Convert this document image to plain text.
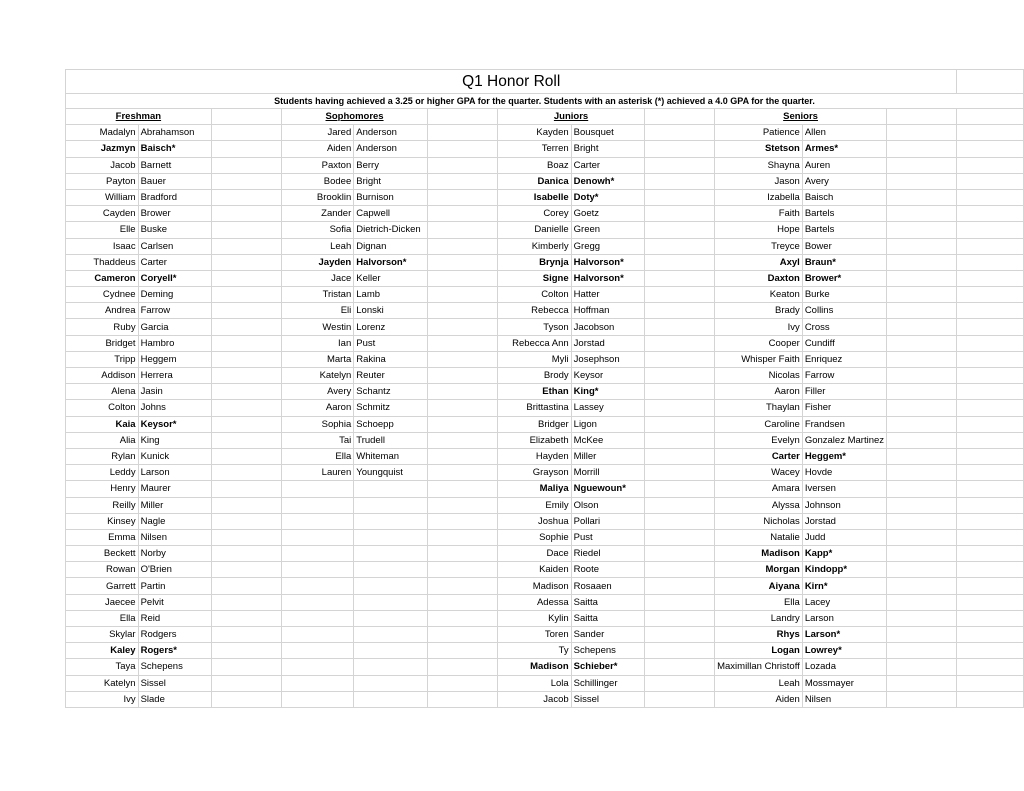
Q1 Honor Roll												
Students having achieved a 3.25 or higher GPA for the quarter. Students with an asterisk (*) achieved a 4.0 GPA for the quarter.												
Freshman			Sophomores			Juniors			Seniors			
Madalyn	Abrahamson		Jared	Anderson		Kayden	Bousquet		Patience	Allen		
Jazmyn	Baisch*		Aiden	Anderson		Terren	Bright		Stetson	Armes*		
Jacob	Barnett		Paxton	Berry		Boaz	Carter		Shayna	Auren		
Payton	Bauer		Bodee	Bright		Danica	Denowh*		Jason	Avery		
William	Bradford		Brooklin	Burnison		Isabelle	Doty*		Izabella	Baisch		
Cayden	Brower		Zander	Capwell		Corey	Goetz		Faith	Bartels		
Elle	Buske		Sofia	Dietrich-Dicken		Danielle	Green		Hope	Bartels		
Isaac	Carlsen		Leah	Dignan		Kimberly	Gregg		Treyce	Bower		
Thaddeus	Carter		Jayden	Halvorson*		Brynja	Halvorson*		Axyl	Braun*		
Cameron	Coryell*		Jace	Keller		Signe	Halvorson*		Daxton	Brower*		
Cydnee	Deming		Tristan	Lamb		Colton	Hatter		Keaton	Burke		
Andrea	Farrow		Eli	Lonski		Rebecca	Hoffman		Brady	Collins		
Ruby	Garcia		Westin	Lorenz		Tyson	Jacobson		Ivy	Cross		
Bridget	Hambro		Ian	Pust		Rebecca Ann	Jorstad		Cooper	Cundiff		
Tripp	Heggem		Marta	Rakina		Myli	Josephson		Whisper Faith	Enriquez		
Addison	Herrera		Katelyn	Reuter		Brody	Keysor		Nicolas	Farrow		
Alena	Jasin		Avery	Schantz		Ethan	King*		Aaron	Filler		
Colton	Johns		Aaron	Schmitz		Brittastina	Lassey		Thaylan	Fisher		
Kaia	Keysor*		Sophia	Schoepp		Bridger	Ligon		Caroline	Frandsen		
Alia	King		Tai	Trudell		Elizabeth	McKee		Evelyn	Gonzalez Martinez		
Rylan	Kunick		Ella	Whiteman		Hayden	Miller		Carter	Heggem*		
Leddy	Larson		Lauren	Youngquist		Grayson	Morrill		Wacey	Hovde		
Henry	Maurer					Maliya	Nguewoun*		Amara	Iversen		
Reilly	Miller					Emily	Olson		Alyssa	Johnson		
Kinsey	Nagle					Joshua	Pollari		Nicholas	Jorstad		
Emma	Nilsen					Sophie	Pust		Natalie	Judd		
Beckett	Norby					Dace	Riedel		Madison	Kapp*		
Rowan	O'Brien					Kaiden	Roote		Morgan	Kindopp*		
Garrett	Partin					Madison	Rosaaen		Aiyana	Kirn*		
Jaecee	Pelvit					Adessa	Saitta		Ella	Lacey		
Ella	Reid					Kylin	Saitta		Landry	Larson		
Skylar	Rodgers					Toren	Sander		Rhys	Larson*		
Kaley	Rogers*					Ty	Schepens		Logan	Lowrey*		
Taya	Schepens					Madison	Schieber*		Maximillan Christoff	Lozada		
Katelyn	Sissel					Lola	Schillinger		Leah	Mossmayer		
Ivy	Slade					Jacob	Sissel		Aiden	Nilsen		
